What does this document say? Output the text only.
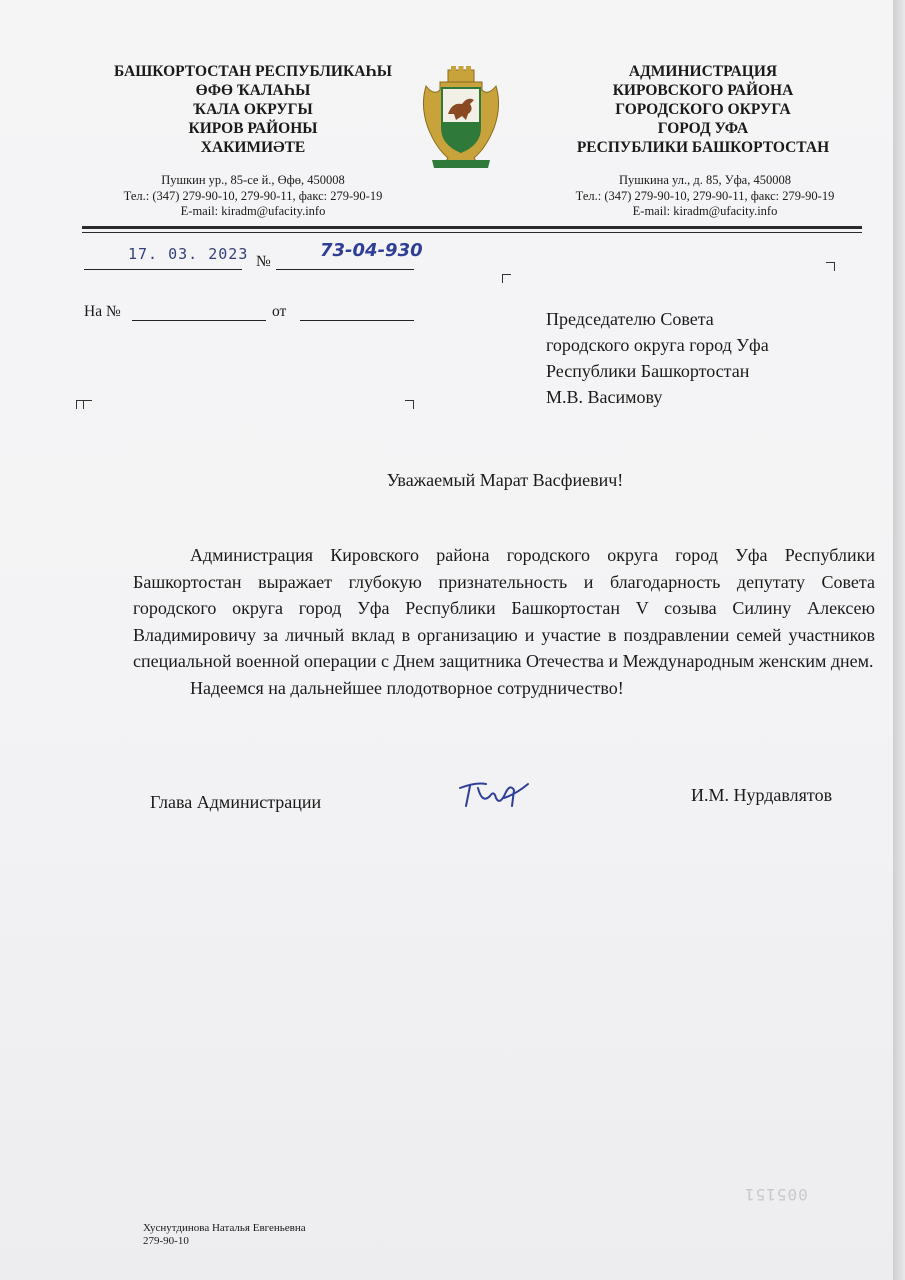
БАШКОРТОСТАН РЕСПУБЛИКАҺЫ
ӨФӨ ҠАЛАҺЫ
ҠАЛА ОКРУГЫ
КИРОВ РАЙОНЫ
ХАКИМИӘТЕ
АДМИНИСТРАЦИЯ
КИРОВСКОГО РАЙОНА
ГОРОДСКОГО ОКРУГА
ГОРОД УФА
РЕСПУБЛИКИ БАШКОРТОСТАН
Пушкин ур., 85-се й., Өфө, 450008
Тел.: (347) 279-90-10, 279-90-11, факс: 279-90-19
E-mail: kiradm@ufacity.info
Пушкина ул., д. 85, Уфа, 450008
Тел.: (347) 279-90-10, 279-90-11, факс: 279-90-19
E-mail: kiradm@ufacity.info
17. 03. 2023 №
73-04-930
На №	от	Председателю Совета
городского округа город Уфа
Республики Башкортостан
М.В. Васимову
Уважаемый Марат Васфиевич!

Администрация Кировского района городского округа город Уфа Республики Башкортостан выражает глубокую признательность и благодарность депутату Совета городского округа город Уфа Республики Башкортостан V созыва Силину Алексею Владимировичу за личный вклад в организацию и участие в поздравлении семей участников специальной военной операции с Днем защитника Отечества и Международным женским днем.

Надеемся на дальнейшее плодотворное сотрудничество!

Глава Администрации	И.М. Нурдавлятов
005151
Хуснутдинова Наталья Евгеньевна
279-90-10
